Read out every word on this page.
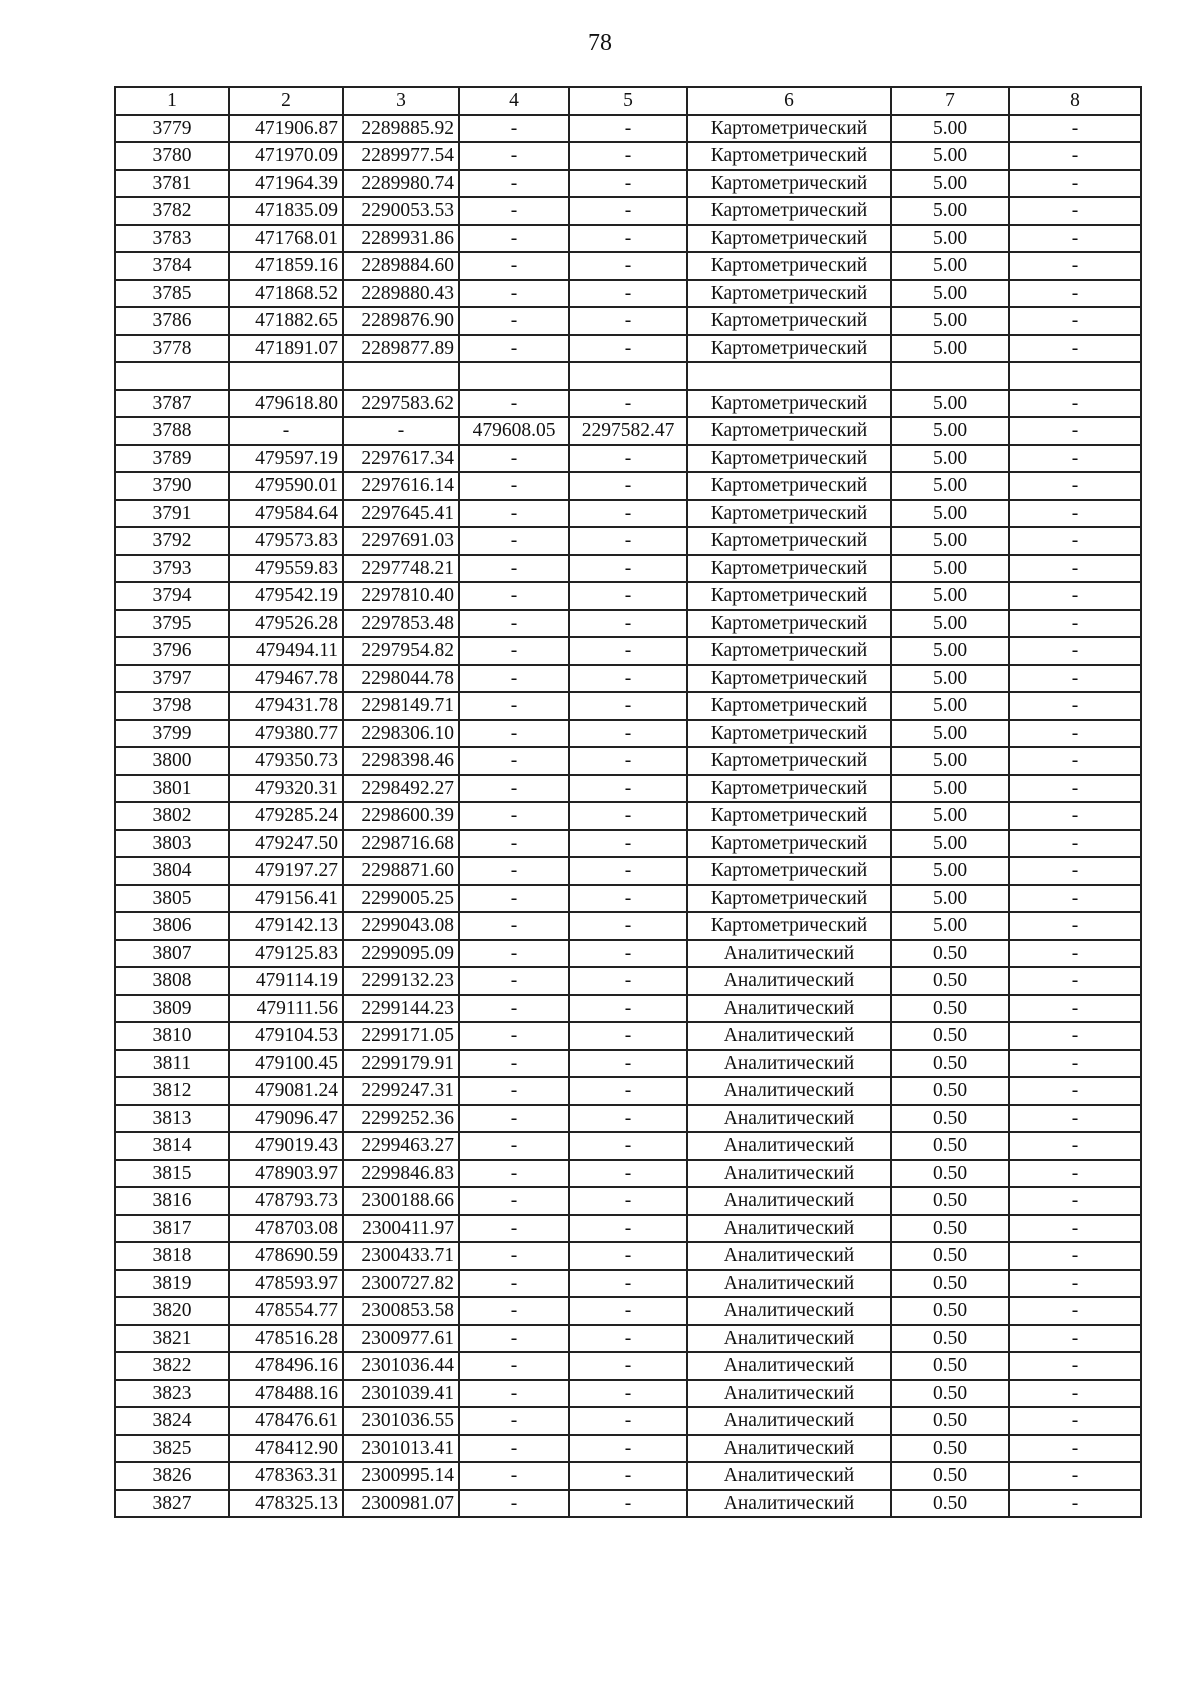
78
1	2	3	4	5	6	7	8
3779	471906.87	2289885.92	-	-	Картометрический	5.00	-
3780	471970.09	2289977.54	-	-	Картометрический	5.00	-
3781	471964.39	2289980.74	-	-	Картометрический	5.00	-
3782	471835.09	2290053.53	-	-	Картометрический	5.00	-
3783	471768.01	2289931.86	-	-	Картометрический	5.00	-
3784	471859.16	2289884.60	-	-	Картометрический	5.00	-
3785	471868.52	2289880.43	-	-	Картометрический	5.00	-
3786	471882.65	2289876.90	-	-	Картометрический	5.00	-
3778	471891.07	2289877.89	-	-	Картометрический	5.00	-

3787	479618.80	2297583.62	-	-	Картометрический	5.00	-
3788	-	-	479608.05	2297582.47	Картометрический	5.00	-
3789	479597.19	2297617.34	-	-	Картометрический	5.00	-
3790	479590.01	2297616.14	-	-	Картометрический	5.00	-
3791	479584.64	2297645.41	-	-	Картометрический	5.00	-
3792	479573.83	2297691.03	-	-	Картометрический	5.00	-
3793	479559.83	2297748.21	-	-	Картометрический	5.00	-
3794	479542.19	2297810.40	-	-	Картометрический	5.00	-
3795	479526.28	2297853.48	-	-	Картометрический	5.00	-
3796	479494.11	2297954.82	-	-	Картометрический	5.00	-
3797	479467.78	2298044.78	-	-	Картометрический	5.00	-
3798	479431.78	2298149.71	-	-	Картометрический	5.00	-
3799	479380.77	2298306.10	-	-	Картометрический	5.00	-
3800	479350.73	2298398.46	-	-	Картометрический	5.00	-
3801	479320.31	2298492.27	-	-	Картометрический	5.00	-
3802	479285.24	2298600.39	-	-	Картометрический	5.00	-
3803	479247.50	2298716.68	-	-	Картометрический	5.00	-
3804	479197.27	2298871.60	-	-	Картометрический	5.00	-
3805	479156.41	2299005.25	-	-	Картометрический	5.00	-
3806	479142.13	2299043.08	-	-	Картометрический	5.00	-
3807	479125.83	2299095.09	-	-	Аналитический	0.50	-
3808	479114.19	2299132.23	-	-	Аналитический	0.50	-
3809	479111.56	2299144.23	-	-	Аналитический	0.50	-
3810	479104.53	2299171.05	-	-	Аналитический	0.50	-
3811	479100.45	2299179.91	-	-	Аналитический	0.50	-
3812	479081.24	2299247.31	-	-	Аналитический	0.50	-
3813	479096.47	2299252.36	-	-	Аналитический	0.50	-
3814	479019.43	2299463.27	-	-	Аналитический	0.50	-
3815	478903.97	2299846.83	-	-	Аналитический	0.50	-
3816	478793.73	2300188.66	-	-	Аналитический	0.50	-
3817	478703.08	2300411.97	-	-	Аналитический	0.50	-
3818	478690.59	2300433.71	-	-	Аналитический	0.50	-
3819	478593.97	2300727.82	-	-	Аналитический	0.50	-
3820	478554.77	2300853.58	-	-	Аналитический	0.50	-
3821	478516.28	2300977.61	-	-	Аналитический	0.50	-
3822	478496.16	2301036.44	-	-	Аналитический	0.50	-
3823	478488.16	2301039.41	-	-	Аналитический	0.50	-
3824	478476.61	2301036.55	-	-	Аналитический	0.50	-
3825	478412.90	2301013.41	-	-	Аналитический	0.50	-
3826	478363.31	2300995.14	-	-	Аналитический	0.50	-
3827	478325.13	2300981.07	-	-	Аналитический	0.50	-
